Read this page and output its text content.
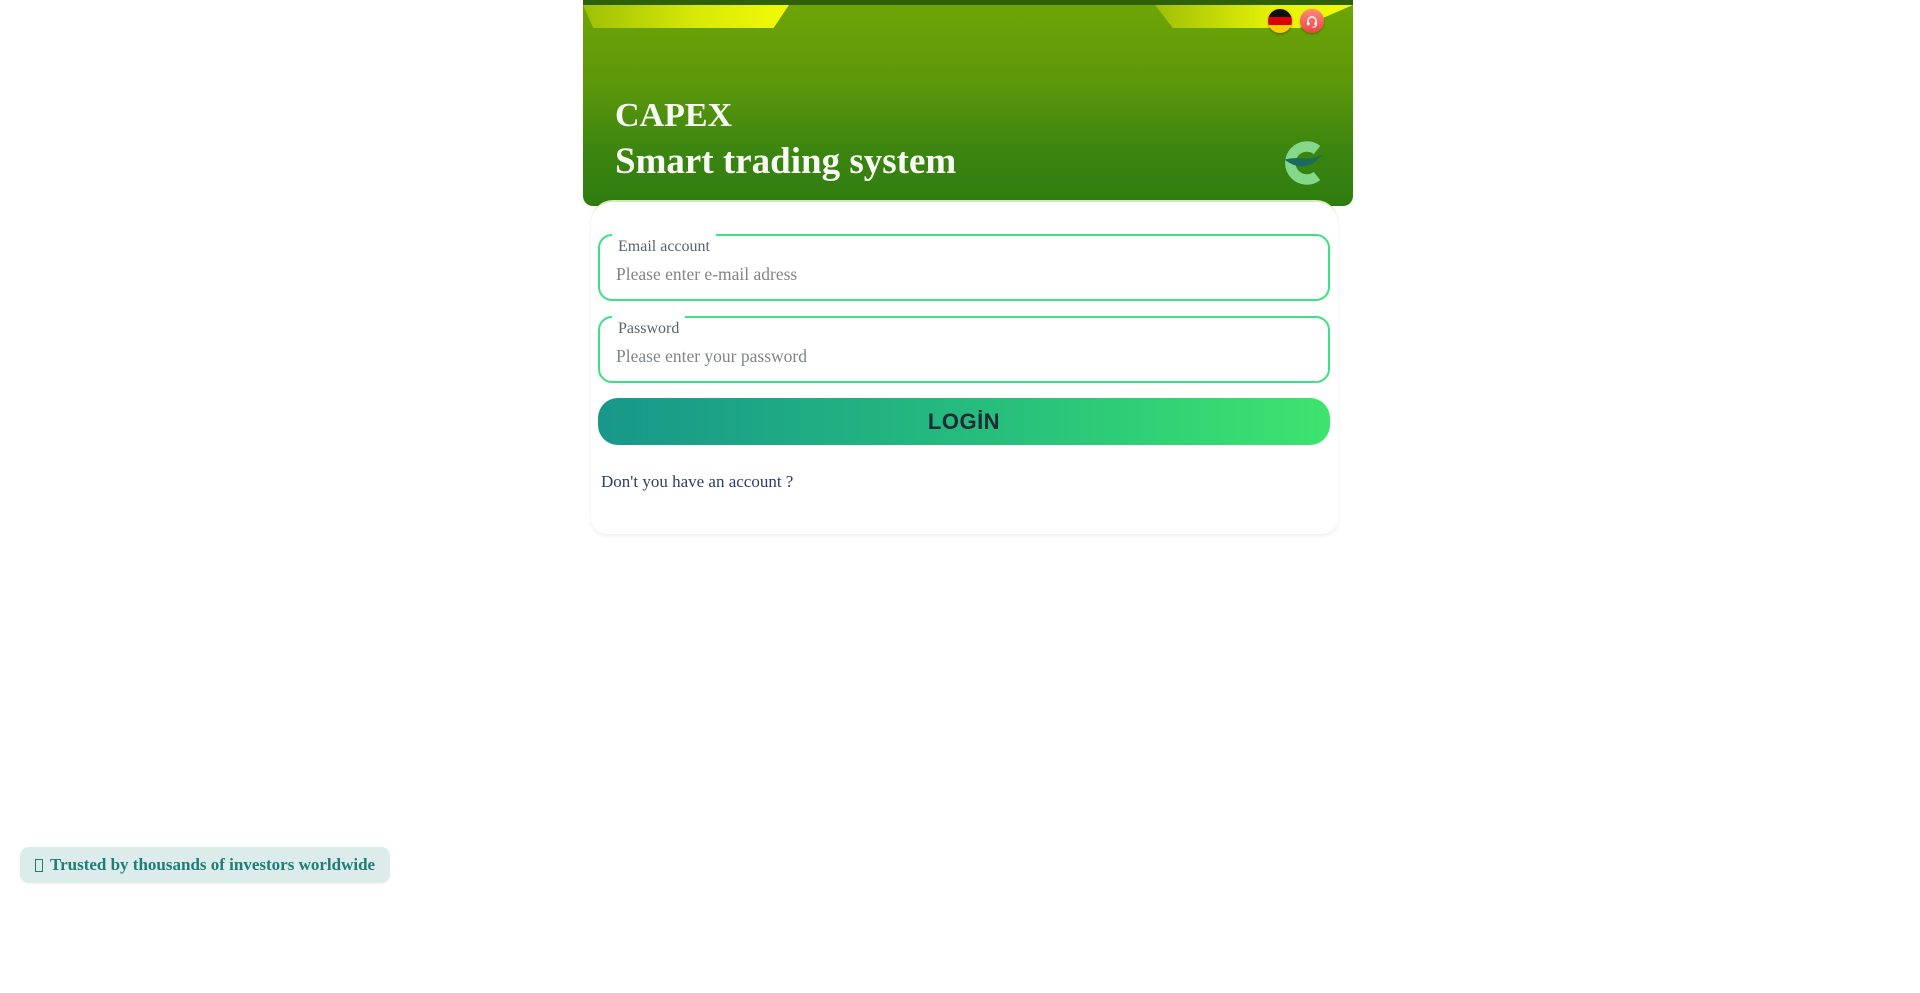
CAPEX
Smart trading system
Email account
Please enter e-mail adress
Password
Please enter your password
LOGİN
Don't you have an account ?
Trusted by thousands of investors worldwide
